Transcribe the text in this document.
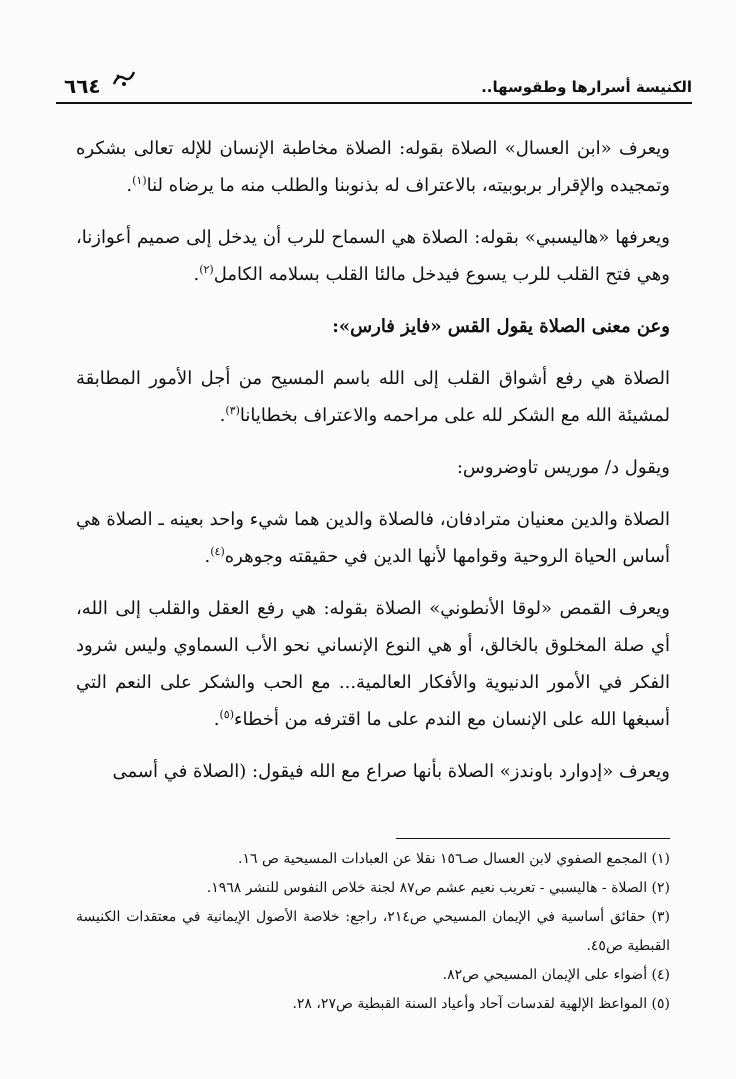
الكنيسة أسرارها وطقوسها..
٦٦٤

ويعرف «ابن العسال» الصلاة بقوله: الصلاة مخاطبة الإنسان للإله تعالى بشكره وتمجيده والإقرار بربوبيته، بالاعتراف له بذنوبنا والطلب منه ما يرضاه لنا$^{(١)}$.

ويعرفها «هاليسبي» بقوله: الصلاة هي السماح للرب أن يدخل إلى صميم أعوازنا، وهي فتح القلب للرب يسوع فيدخل مالئا القلب بسلامه الكامل$^{(٢)}$.

وعن معنى الصلاة يقول القس «فايز فارس»:

الصلاة هي رفع أشواق القلب إلى الله باسم المسيح من أجل الأمور المطابقة لمشيئة الله مع الشكر لله على مراحمه والاعتراف بخطايانا$^{(٣)}$.

ويقول د/ موريس تاوضروس:

الصلاة والدين معنيان مترادفان، فالصلاة والدين هما شيء واحد بعينه ـ الصلاة هي أساس الحياة الروحية وقوامها لأنها الدين في حقيقته وجوهره$^{(٤)}$.

ويعرف القمص «لوقا الأنطوني» الصلاة بقوله: هي رفع العقل والقلب إلى الله، أي صلة المخلوق بالخالق، أو هي النوع الإنساني نحو الأب السماوي وليس شرود الفكر في الأمور الدنيوية والأفكار العالمية... مع الحب والشكر على النعم التي أسبغها الله على الإنسان مع الندم على ما اقترفه من أخطاء$^{(٥)}$.

ويعرف «إدوارد باوندز» الصلاة بأنها صراع مع الله فيقول: (الصلاة في أسمى

(١) المجمع الصفوي لابن العسال صـ١٥٦ نقلا عن العبادات المسيحية ص ١٦.

(٢) الصلاة - هاليسبي - تعريب نعيم عشم ص٨٧ لجنة خلاص النفوس للنشر ١٩٦٨.

(٣) حقائق أساسية في الإيمان المسيحي ص٢١٤، راجع: خلاصة الأصول الإيمانية في معتقدات الكنيسة القبطية ص٤٥.

(٤) أضواء على الإيمان المسيحي ص٨٢.

(٥) المواعظ الإلهية لقدسات آحاد وأعياد السنة القبطية ص٢٧، ٢٨.
